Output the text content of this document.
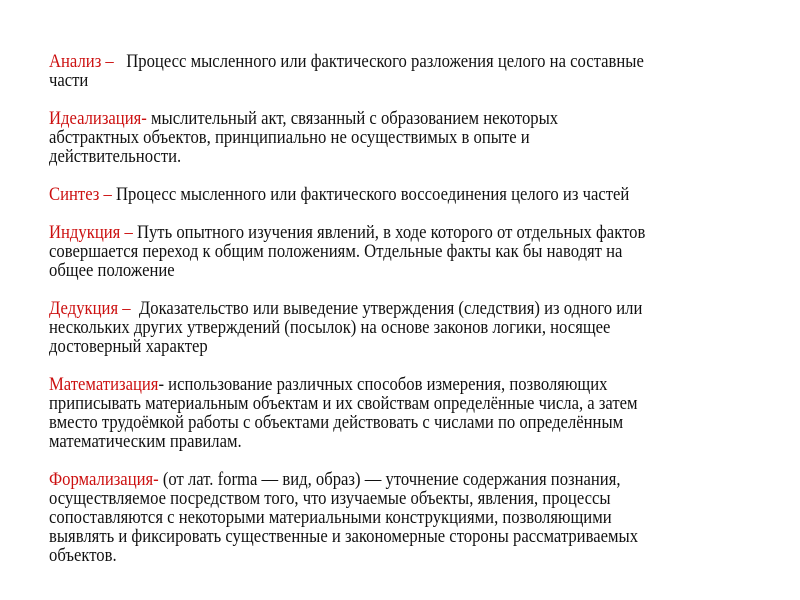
Анализ –   Процесс мысленного или фактического разложения целого на составные
части
Идеализация- мыслительный акт, связанный с образованием некоторых
абстрактных объектов, принципиально не осуществимых в опыте и
действительности.
Синтез – Процесс мысленного или фактического воссоединения целого из частей
Индукция – Путь опытного изучения явлений, в ходе которого от отдельных фактов
совершается переход к общим положениям. Отдельные факты как бы наводят на
общее положение
Дедукция –  Доказательство или выведение утверждения (следствия) из одного или
нескольких других утверждений (посылок) на основе законов логики, носящее
достоверный характер
Математизация- использование различных способов измерения, позволяющих
приписывать материальным объектам и их свойствам определённые числа, а затем
вместо трудоёмкой работы с объектами действовать с числами по определённым
математическим правилам.
Формализация- (от лат. forma — вид, образ) — уточнение содержания познания,
осуществляемое посредством того, что изучаемые объекты, явления, процессы
сопоставляются с некоторыми материальными конструкциями, позволяющими
выявлять и фиксировать существенные и закономерные стороны рассматриваемых
объектов.
